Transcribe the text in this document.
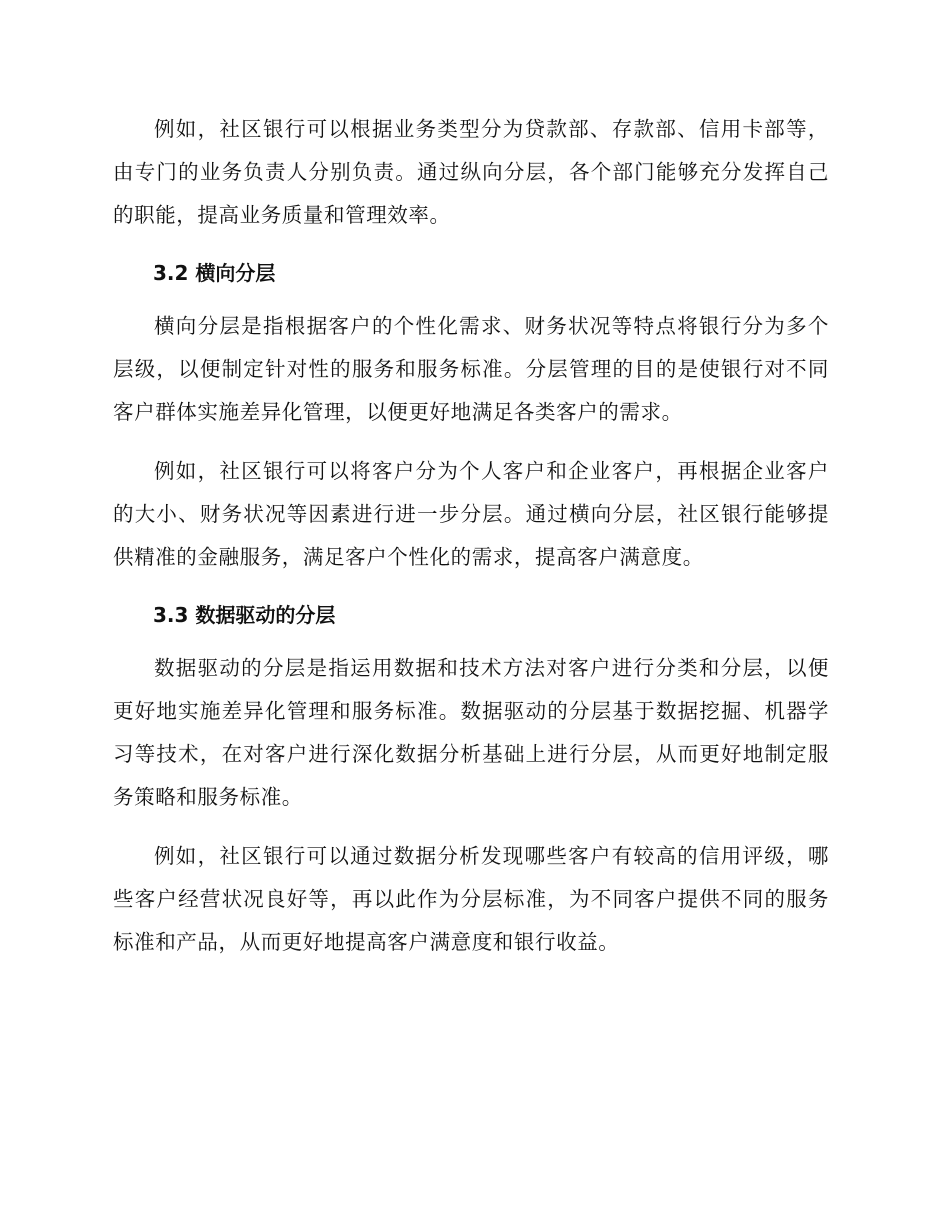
例如，社区银行可以根据业务类型分为贷款部、存款部、信用卡部等，由专门的业务负责人分别负责。通过纵向分层，各个部门能够充分发挥自己的职能，提高业务质量和管理效率。

3.2 横向分层

横向分层是指根据客户的个性化需求、财务状况等特点将银行分为多个层级，以便制定针对性的服务和服务标准。分层管理的目的是使银行对不同客户群体实施差异化管理，以便更好地满足各类客户的需求。

例如，社区银行可以将客户分为个人客户和企业客户，再根据企业客户的大小、财务状况等因素进行进一步分层。通过横向分层，社区银行能够提供精准的金融服务，满足客户个性化的需求，提高客户满意度。

3.3 数据驱动的分层

数据驱动的分层是指运用数据和技术方法对客户进行分类和分层，以便更好地实施差异化管理和服务标准。数据驱动的分层基于数据挖掘、机器学习等技术，在对客户进行深化数据分析基础上进行分层，从而更好地制定服务策略和服务标准。

例如，社区银行可以通过数据分析发现哪些客户有较高的信用评级，哪些客户经营状况良好等，再以此作为分层标准，为不同客户提供不同的服务标准和产品，从而更好地提高客户满意度和银行收益。
